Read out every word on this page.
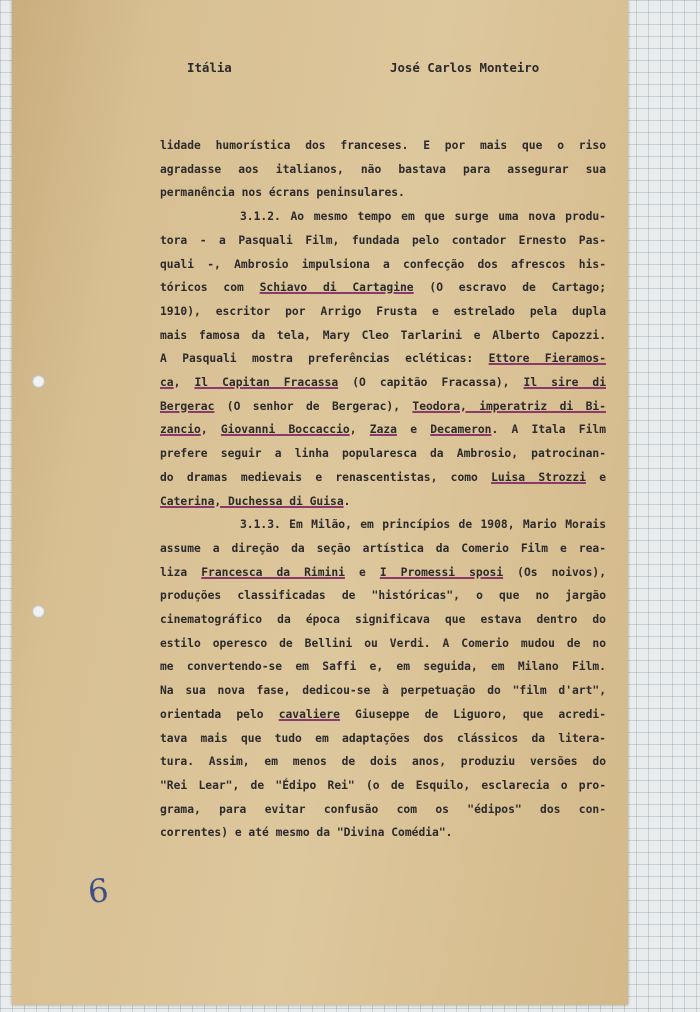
Itália	José Carlos Monteiro
lidade humorística dos franceses. E por mais que o riso
agradasse aos italianos, não bastava para assegurar sua
permanência nos écrans peninsulares.
3.1.2. Ao mesmo tempo em que surge uma nova produ-
tora - a Pasquali Film, fundada pelo contador Ernesto Pas-
quali -, Ambrosio impulsiona a confecção dos afrescos his-
tóricos com Schiavo di Cartagine (O escravo de Cartago;
1910), escritor por Arrigo Frusta e estrelado pela dupla
mais famosa da tela, Mary Cleo Tarlarini e Alberto Capozzi.
A Pasquali mostra preferências ecléticas: Ettore Fieramos-
ca, Il Capitan Fracassa (O capitão Fracassa), Il sire di
Bergerac (O senhor de Bergerac), Teodora, imperatriz di Bi-
zancio, Giovanni Boccaccio, Zaza e Decameron. A Itala Film
prefere seguir a linha popularesca da Ambrosio, patrocinan-
do dramas medievais e renascentistas, como Luisa Strozzi e
Caterina, Duchessa di Guisa.
3.1.3. Em Milão, em princípios de 1908, Mario Morais
assume a direção da seção artística da Comerio Film e rea-
liza Francesca da Rimini e I Promessi sposi (Os noivos),
produções classificadas de "históricas", o que no jargão
cinematográfico da época significava que estava dentro do
estilo operesco de Bellini ou Verdi. A Comerio mudou de no
me convertendo-se em Saffi e, em seguida, em Milano Film.
Na sua nova fase, dedicou-se à perpetuação do "film d'art",
orientada pelo cavaliere Giuseppe de Liguoro, que acredi-
tava mais que tudo em adaptações dos clássicos da litera-
tura. Assim, em menos de dois anos, produziu versões do
"Rei Lear", de "Édipo Rei" (o de Esquilo, esclarecia o pro-
grama, para evitar confusão com os "édipos" dos con-
correntes) e até mesmo da "Divina Comédia".
6
